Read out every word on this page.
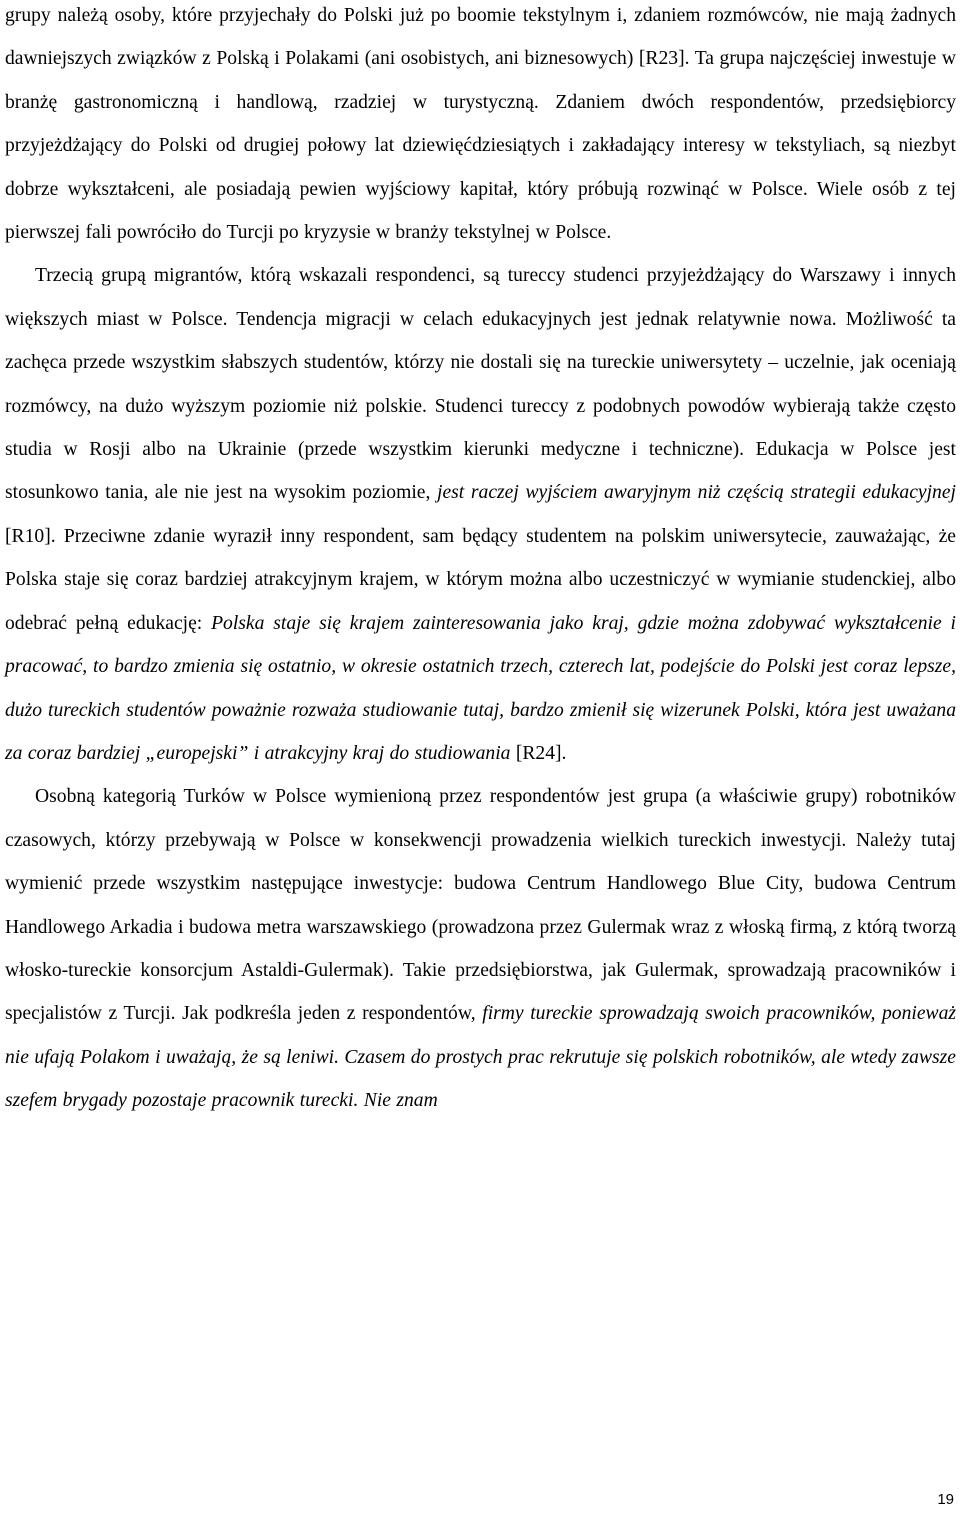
grupy należą osoby, które przyjechały do Polski już po boomie tekstylnym i, zdaniem rozmówców, nie mają żadnych dawniejszych związków z Polską i Polakami (ani osobistych, ani biznesowych) [R23]. Ta grupa najczęściej inwestuje w branżę gastronomiczną i handlową, rzadziej w turystyczną. Zdaniem dwóch respondentów, przedsiębiorcy przyjeżdżający do Polski od drugiej połowy lat dziewięćdziesiątych i zakładający interesy w tekstyliach, są niezbyt dobrze wykształceni, ale posiadają pewien wyjściowy kapitał, który próbują rozwinąć w Polsce. Wiele osób z tej pierwszej fali powróciło do Turcji po kryzysie w branży tekstylnej w Polsce.

Trzecią grupą migrantów, którą wskazali respondenci, są tureccy studenci przyjeżdżający do Warszawy i innych większych miast w Polsce. Tendencja migracji w celach edukacyjnych jest jednak relatywnie nowa. Możliwość ta zachęca przede wszystkim słabszych studentów, którzy nie dostali się na tureckie uniwersytety – uczelnie, jak oceniają rozmówcy, na dużo wyższym poziomie niż polskie. Studenci tureccy z podobnych powodów wybierają także często studia w Rosji albo na Ukrainie (przede wszystkim kierunki medyczne i techniczne). Edukacja w Polsce jest stosunkowo tania, ale nie jest na wysokim poziomie, jest raczej wyjściem awaryjnym niż częścią strategii edukacyjnej [R10]. Przeciwne zdanie wyraził inny respondent, sam będący studentem na polskim uniwersytecie, zauważając, że Polska staje się coraz bardziej atrakcyjnym krajem, w którym można albo uczestniczyć w wymianie studenckiej, albo odebrać pełną edukację: Polska staje się krajem zainteresowania jako kraj, gdzie można zdobywać wykształcenie i pracować, to bardzo zmienia się ostatnio, w okresie ostatnich trzech, czterech lat, podejście do Polski jest coraz lepsze, dużo tureckich studentów poważnie rozważa studiowanie tutaj, bardzo zmienił się wizerunek Polski, która jest uważana za coraz bardziej „europejski” i atrakcyjny kraj do studiowania [R24].

Osobną kategorią Turków w Polsce wymienioną przez respondentów jest grupa (a właściwie grupy) robotników czasowych, którzy przebywają w Polsce w konsekwencji prowadzenia wielkich tureckich inwestycji. Należy tutaj wymienić przede wszystkim następujące inwestycje: budowa Centrum Handlowego Blue City, budowa Centrum Handlowego Arkadia i budowa metra warszawskiego (prowadzona przez Gulermak wraz z włoską firmą, z którą tworzą włosko-tureckie konsorcjum Astaldi-Gulermak). Takie przedsiębiorstwa, jak Gulermak, sprowadzają pracowników i specjalistów z Turcji. Jak podkreśla jeden z respondentów, firmy tureckie sprowadzają swoich pracowników, ponieważ nie ufają Polakom i uważają, że są leniwi. Czasem do prostych prac rekrutuje się polskich robotników, ale wtedy zawsze szefem brygady pozostaje pracownik turecki. Nie znam

19
